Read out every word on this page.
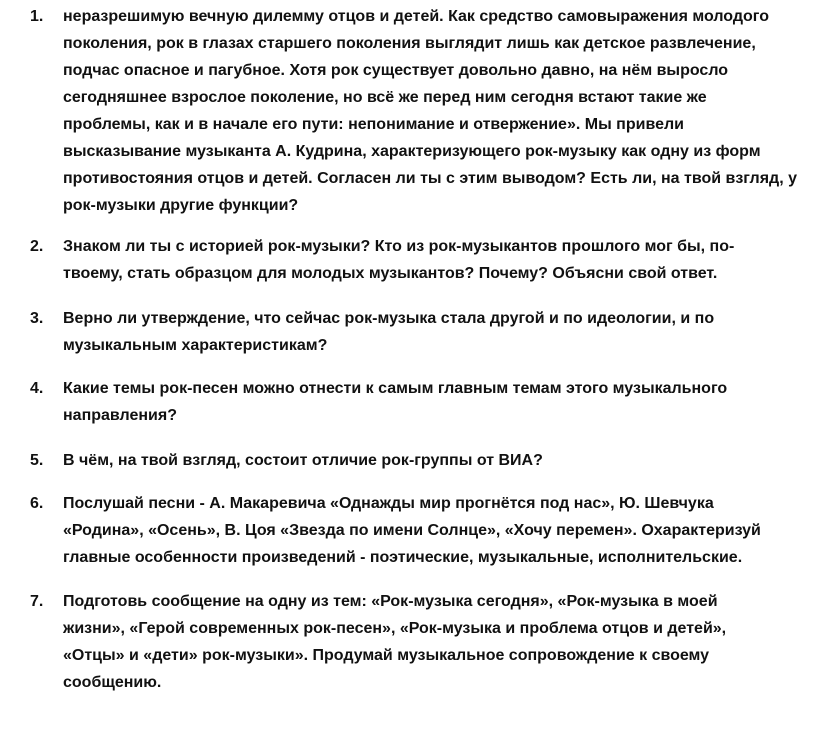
1.	неразрешимую вечную дилемму отцов и детей. Как средство самовыражения молодого
поколения, рок в глазах старшего поколения выглядит лишь как детское развлечение,
подчас опасное и пагубное. Хотя рок существует довольно давно, на нём выросло
сегодняшнее взрослое поколение, но всё же перед ним сегодня встают такие же
проблемы, как и в начале его пути: непонимание и отвержение». Мы привели
высказывание музыканта А. Кудрина, характеризующего рок-музыку как одну из форм
противостояния отцов и детей. Согласен ли ты с этим выводом? Есть ли, на твой взгляд, у
рок-музыки другие функции?
2.	Знаком ли ты с историей рок-музыки? Кто из рок-музыкантов прошлого мог бы, по-
твоему, стать образцом для молодых музыкантов? Почему? Объясни свой ответ.
3.	Верно ли утверждение, что сейчас рок-музыка стала другой и по идеологии, и по
музыкальным характеристикам?
4.	Какие темы рок-песен можно отнести к самым главным темам этого музыкального
направления?
5.	В чём, на твой взгляд, состоит отличие рок-группы от ВИА?
6.	Послушай песни - А. Макаревича «Однажды мир прогнётся под нас», Ю. Шевчука
«Родина», «Осень», В. Цоя «Звезда по имени Солнце», «Хочу перемен». Охарактеризуй
главные особенности произведений - поэтические, музыкальные, исполнительские.
7.	Подготовь сообщение на одну из тем: «Рок-музыка сегодня», «Рок-музыка в моей
жизни», «Герой современных рок-песен», «Рок-музыка и проблема отцов и детей»,
«Отцы» и «дети» рок-музыки». Продумай музыкальное сопровождение к своему
сообщению.
